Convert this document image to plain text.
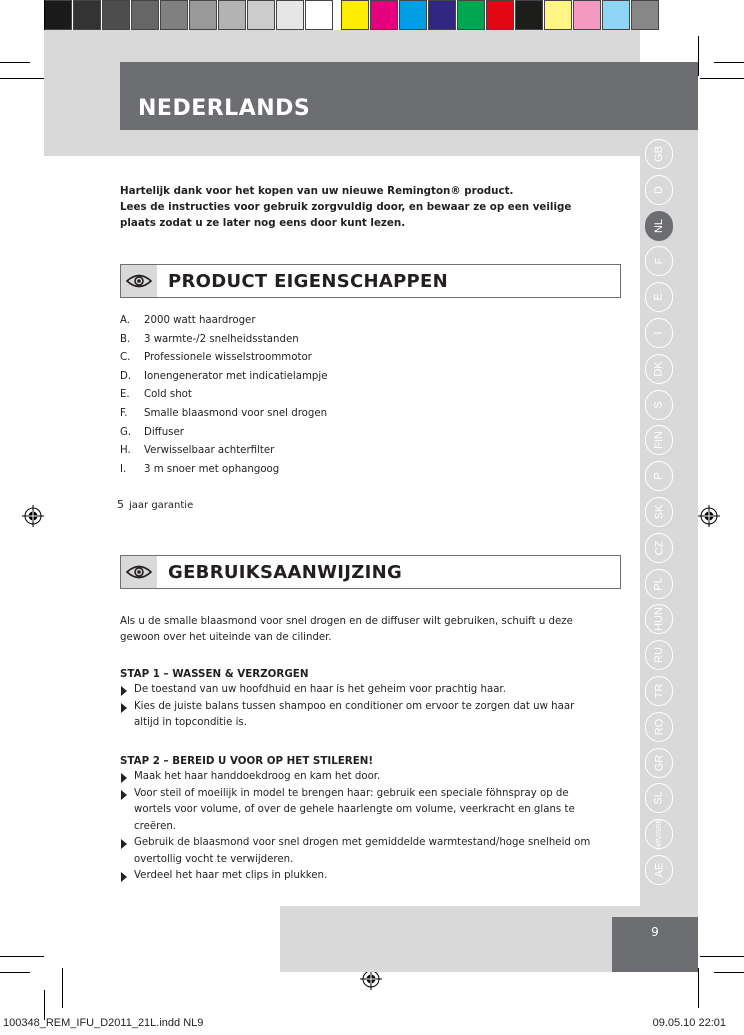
NEDERLANDS
GB
D
NL
F
E
I
DK
S
FIN
P
SK
CZ
PL
HUN
RU
TR
RO
GR
SL
HRV/SRB
AE

Hartelijk dank voor het kopen van uw nieuwe Remington® product.

Lees de instructies voor gebruik zorgvuldig door, en bewaar ze op een veilige plaats zodat u ze later nog eens door kunt lezen.

PRODUCT EIGENSCHAPPEN
A.	2000 watt haardroger
B.	3 warmte-/2 snelheidsstanden
C.	Professionele wisselstroommotor
D.	Ionengenerator met indicatielampje
E.	Cold shot
F.	Smalle blaasmond voor snel drogen
G.	Diffuser
H.	Verwisselbaar achterfilter
I.	3 m snoer met ophangoog
5 jaar garantie
GEBRUIKSAANWIJZING

Als u de smalle blaasmond voor snel drogen en de diffuser wilt gebruiken, schuift u deze gewoon over het uiteinde van de cilinder.

STAP 1 – WASSEN & VERZORGEN
De toestand van uw hoofdhuid en haar is het geheim voor prachtig haar.
Kies de juiste balans tussen shampoo en conditioner om ervoor te zorgen dat uw haar altijd in topconditie is.
STAP 2 – BEREID U VOOR OP HET STILEREN!
Maak het haar handdoekdroog en kam het door.
Voor steil of moeilijk in model te brengen haar: gebruik een speciale föhnspray op de wortels voor volume, of over de gehele haarlengte om volume, veerkracht en glans te creëren.
Gebruik de blaasmond voor snel drogen met gemiddelde warmtestand/hoge snelheid om overtollig vocht te verwijderen.
Verdeel het haar met clips in plukken.
9
100348_REM_IFU_D2011_21L.indd NL9	09.05.10 22:01
